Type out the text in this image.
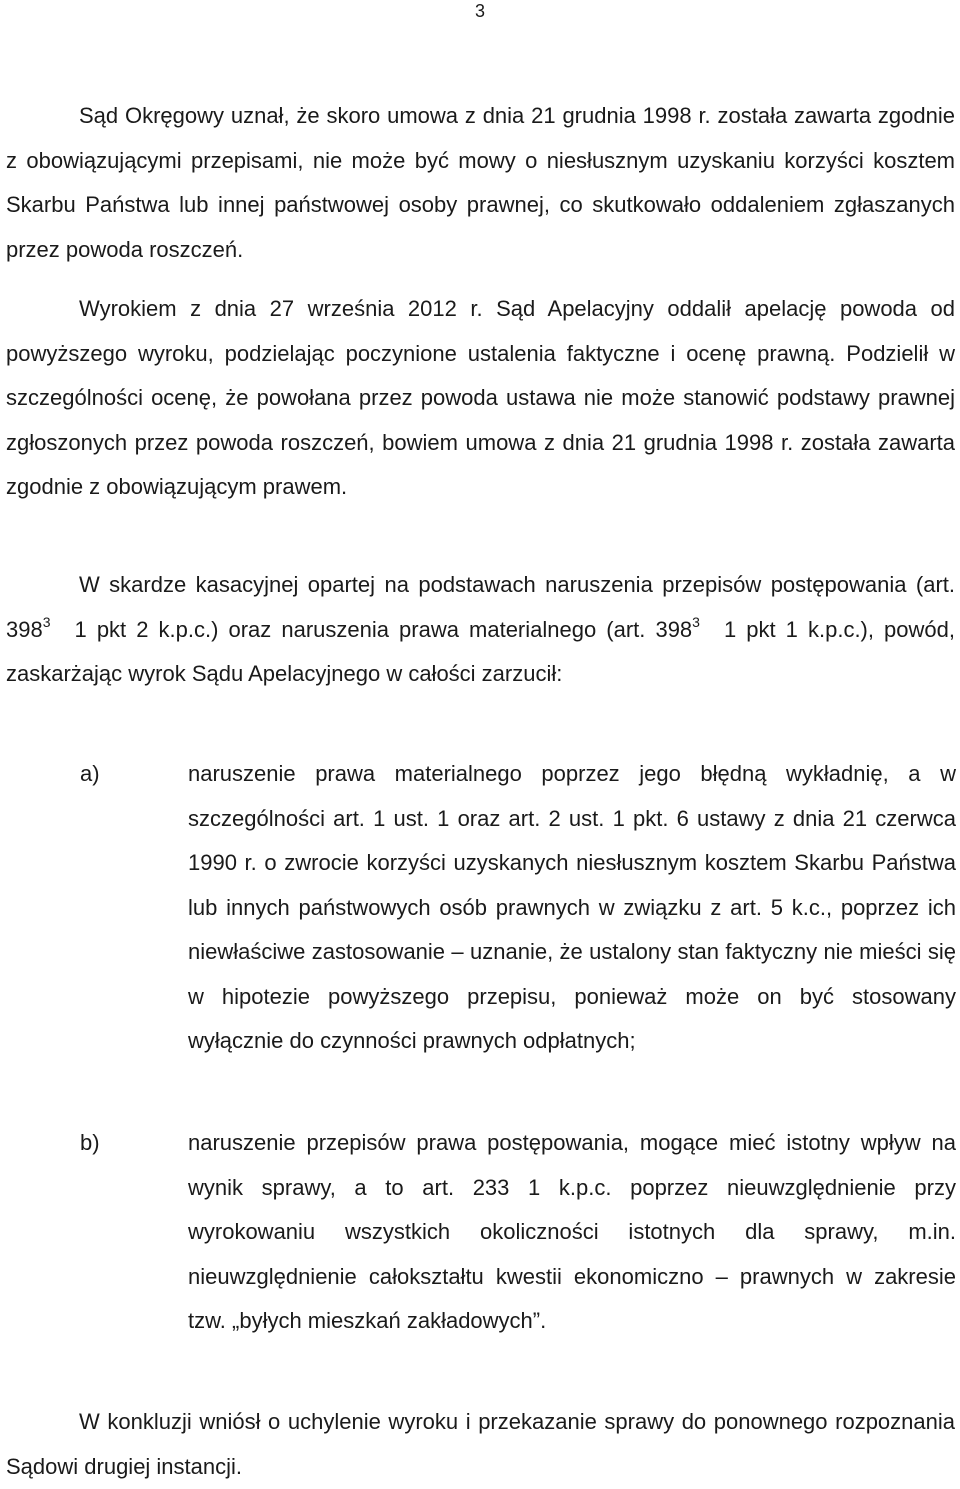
3

Sąd Okręgowy uznał, że skoro umowa z dnia 21 grudnia 1998 r. została zawarta zgodnie z obowiązującymi przepisami, nie może być mowy o niesłusznym uzyskaniu korzyści kosztem Skarbu Państwa lub innej państwowej osoby prawnej, co skutkowało oddaleniem zgłaszanych przez powoda roszczeń.

Wyrokiem z dnia 27 września 2012 r. Sąd Apelacyjny oddalił apelację powoda od powyższego wyroku, podzielając poczynione ustalenia faktyczne i ocenę prawną. Podzielił w szczególności ocenę, że powołana przez powoda ustawa nie może stanowić podstawy prawnej zgłoszonych przez powoda roszczeń, bowiem umowa z dnia 21 grudnia 1998 r. została zawarta zgodnie z obowiązującym prawem.

W skardze kasacyjnej opartej na podstawach naruszenia przepisów postępowania (art. $398^3$ 1 pkt 2 k.p.c.) oraz naruszenia prawa materialnego (art. $398^3$ 1 pkt 1 k.p.c.), powód, zaskarżając wyrok Sądu Apelacyjnego w całości zarzucił:

a)	naruszenie prawa materialnego poprzez jego błędną wykładnię, a w szczególności art. 1 ust. 1 oraz art. 2 ust. 1 pkt. 6 ustawy z dnia 21 czerwca 1990 r. o zwrocie korzyści uzyskanych niesłusznym kosztem Skarbu Państwa lub innych państwowych osób prawnych w związku z art. 5 k.c., poprzez ich niewłaściwe zastosowanie – uznanie, że ustalony stan faktyczny nie mieści się w hipotezie powyższego przepisu, ponieważ może on być stosowany wyłącznie do czynności prawnych odpłatnych;

b)	naruszenie przepisów prawa postępowania, mogące mieć istotny wpływ na wynik sprawy, a to art. 233 1 k.p.c. poprzez nieuwzględnienie przy wyrokowaniu wszystkich okoliczności istotnych dla sprawy, m.in. nieuwzględnienie całokształtu kwestii ekonomiczno – prawnych w zakresie tzw. „byłych mieszkań zakładowych”.

W konkluzji wniósł o uchylenie wyroku i przekazanie sprawy do ponownego rozpoznania Sądowi drugiej instancji.
